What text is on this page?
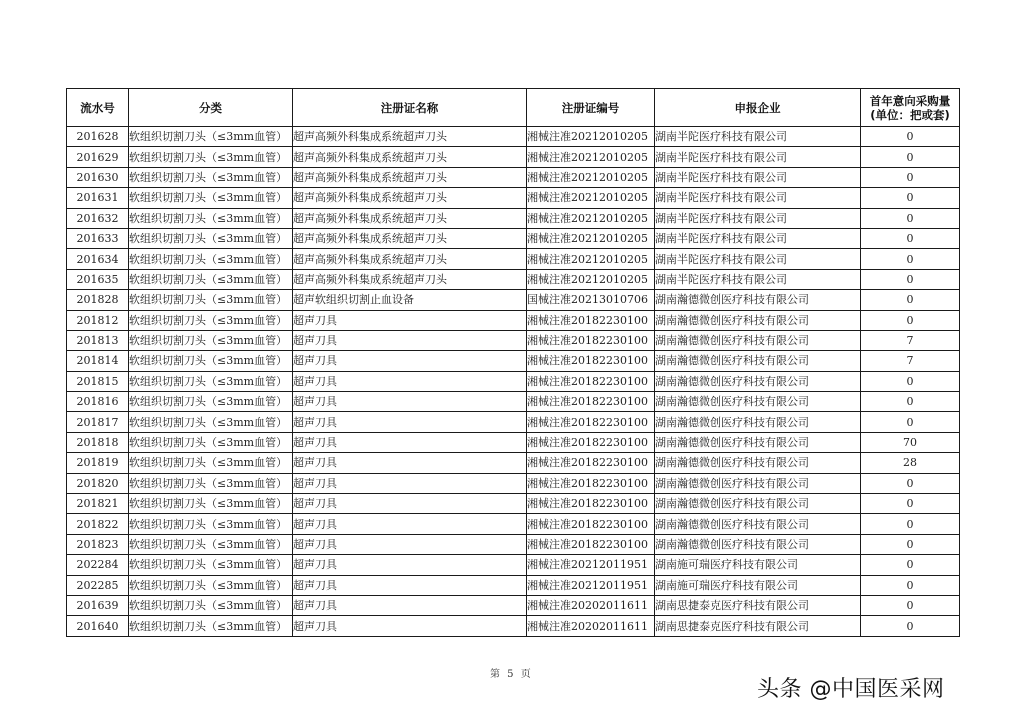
流水号	分类	注册证名称	注册证编号	申报企业	首年意向采购量
(单位：把或套)

201628	软组织切割刀头（≤3mm血管）	超声高频外科集成系统超声刀头	湘械注准20212010205	湖南半陀医疗科技有限公司	0
201629	软组织切割刀头（≤3mm血管）	超声高频外科集成系统超声刀头	湘械注准20212010205	湖南半陀医疗科技有限公司	0
201630	软组织切割刀头（≤3mm血管）	超声高频外科集成系统超声刀头	湘械注准20212010205	湖南半陀医疗科技有限公司	0
201631	软组织切割刀头（≤3mm血管）	超声高频外科集成系统超声刀头	湘械注准20212010205	湖南半陀医疗科技有限公司	0
201632	软组织切割刀头（≤3mm血管）	超声高频外科集成系统超声刀头	湘械注准20212010205	湖南半陀医疗科技有限公司	0
201633	软组织切割刀头（≤3mm血管）	超声高频外科集成系统超声刀头	湘械注准20212010205	湖南半陀医疗科技有限公司	0
201634	软组织切割刀头（≤3mm血管）	超声高频外科集成系统超声刀头	湘械注准20212010205	湖南半陀医疗科技有限公司	0
201635	软组织切割刀头（≤3mm血管）	超声高频外科集成系统超声刀头	湘械注准20212010205	湖南半陀医疗科技有限公司	0
201828	软组织切割刀头（≤3mm血管）	超声软组织切割止血设备	国械注准20213010706	湖南瀚德微创医疗科技有限公司	0
201812	软组织切割刀头（≤3mm血管）	超声刀具	湘械注准20182230100	湖南瀚德微创医疗科技有限公司	0
201813	软组织切割刀头（≤3mm血管）	超声刀具	湘械注准20182230100	湖南瀚德微创医疗科技有限公司	7
201814	软组织切割刀头（≤3mm血管）	超声刀具	湘械注准20182230100	湖南瀚德微创医疗科技有限公司	7
201815	软组织切割刀头（≤3mm血管）	超声刀具	湘械注准20182230100	湖南瀚德微创医疗科技有限公司	0
201816	软组织切割刀头（≤3mm血管）	超声刀具	湘械注准20182230100	湖南瀚德微创医疗科技有限公司	0
201817	软组织切割刀头（≤3mm血管）	超声刀具	湘械注准20182230100	湖南瀚德微创医疗科技有限公司	0
201818	软组织切割刀头（≤3mm血管）	超声刀具	湘械注准20182230100	湖南瀚德微创医疗科技有限公司	70
201819	软组织切割刀头（≤3mm血管）	超声刀具	湘械注准20182230100	湖南瀚德微创医疗科技有限公司	28
201820	软组织切割刀头（≤3mm血管）	超声刀具	湘械注准20182230100	湖南瀚德微创医疗科技有限公司	0
201821	软组织切割刀头（≤3mm血管）	超声刀具	湘械注准20182230100	湖南瀚德微创医疗科技有限公司	0
201822	软组织切割刀头（≤3mm血管）	超声刀具	湘械注准20182230100	湖南瀚德微创医疗科技有限公司	0
201823	软组织切割刀头（≤3mm血管）	超声刀具	湘械注准20182230100	湖南瀚德微创医疗科技有限公司	0
202284	软组织切割刀头（≤3mm血管）	超声刀具	湘械注准20212011951	湖南施可瑞医疗科技有限公司	0
202285	软组织切割刀头（≤3mm血管）	超声刀具	湘械注准20212011951	湖南施可瑞医疗科技有限公司	0
201639	软组织切割刀头（≤3mm血管）	超声刀具	湘械注准20202011611	湖南思捷泰克医疗科技有限公司	0
201640	软组织切割刀头（≤3mm血管）	超声刀具	湘械注准20202011611	湖南思捷泰克医疗科技有限公司	0
第 5 页
头条 @中国医采网
